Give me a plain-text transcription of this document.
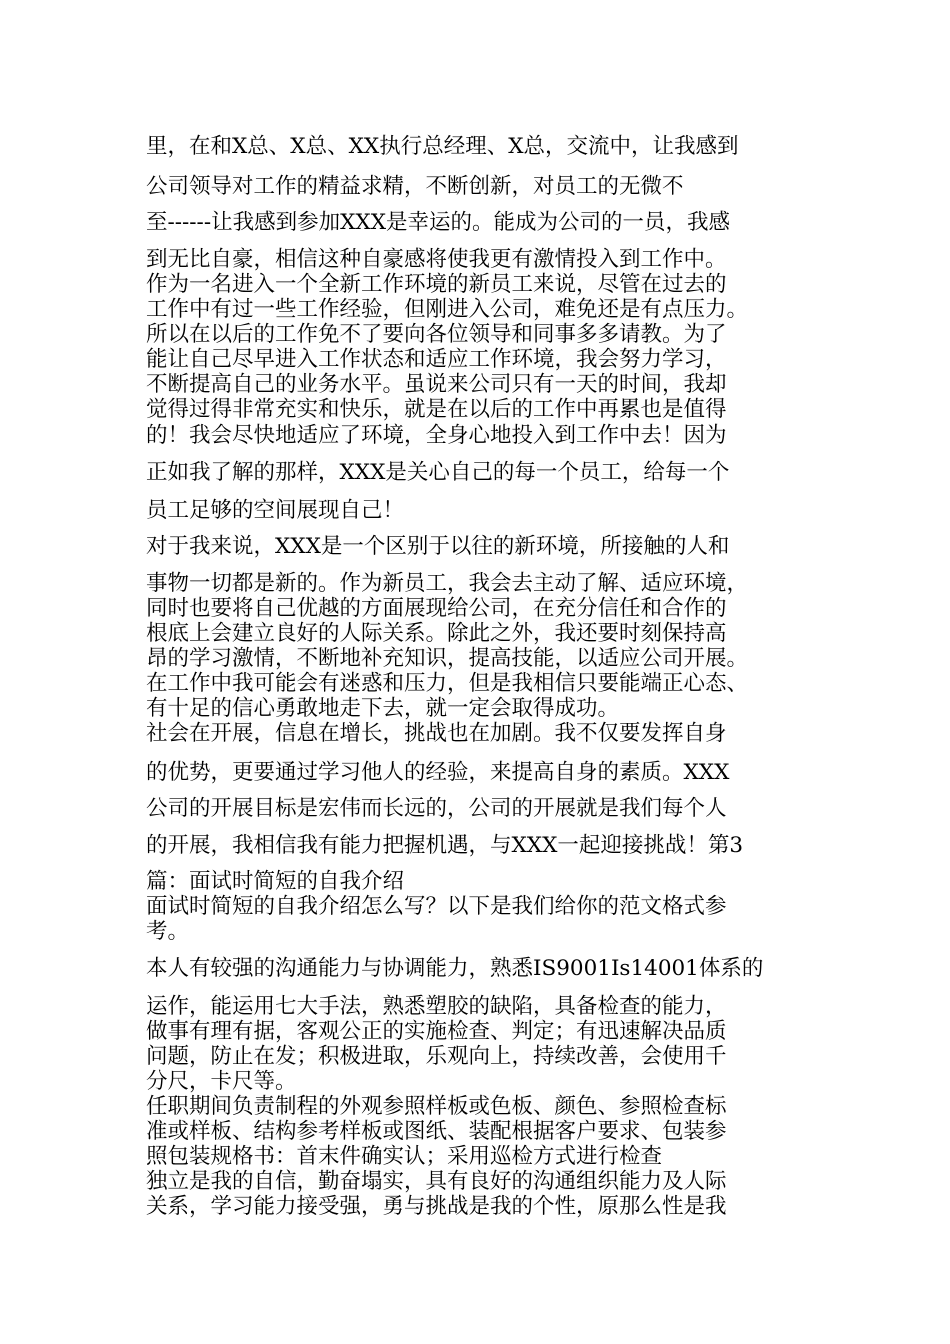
里，在和X总、X总、XX执行总经理、X总，交流中，让我感到

公司领导对工作的精益求精，不断创新，对员工的无微不

至------让我感到参加XXX是幸运的。能成为公司的一员，我感

到无比自豪，相信这种自豪感将使我更有激情投入到工作中。

作为一名进入一个全新工作环境的新员工来说，尽管在过去的

工作中有过一些工作经验，但刚进入公司，难免还是有点压力。

所以在以后的工作免不了要向各位领导和同事多多请教。为了

能让自己尽早进入工作状态和适应工作环境，我会努力学习，

不断提高自己的业务水平。虽说来公司只有一天的时间，我却

觉得过得非常充实和快乐，就是在以后的工作中再累也是值得

的！我会尽快地适应了环境，全身心地投入到工作中去！因为

正如我了解的那样，XXX是关心自己的每一个员工，给每一个

员工足够的空间展现自己！

对于我来说，XXX是一个区别于以往的新环境，所接触的人和

事物一切都是新的。作为新员工，我会去主动了解、适应环境，

同时也要将自己优越的方面展现给公司，在充分信任和合作的

根底上会建立良好的人际关系。除此之外，我还要时刻保持高

昂的学习激情，不断地补充知识，提高技能，以适应公司开展。

在工作中我可能会有迷惑和压力，但是我相信只要能端正心态、

有十足的信心勇敢地走下去，就一定会取得成功。

社会在开展，信息在增长，挑战也在加剧。我不仅要发挥自身

的优势，更要通过学习他人的经验，来提高自身的素质。XXX

公司的开展目标是宏伟而长远的，公司的开展就是我们每个人

的开展，我相信我有能力把握机遇，与XXX一起迎接挑战！第3

篇：面试时简短的自我介绍

面试时简短的自我介绍怎么写？以下是我们给你的范文格式参

考。

本人有较强的沟通能力与协调能力，熟悉IS9001Is14001体系的

运作，能运用七大手法，熟悉塑胶的缺陷，具备检查的能力，

做事有理有据，客观公正的实施检查、判定；有迅速解决品质

问题，防止在发；积极进取，乐观向上，持续改善，会使用千

分尺，卡尺等。

任职期间负责制程的外观参照样板或色板、颜色、参照检查标

准或样板、结构参考样板或图纸、装配根据客户要求、包装参

照包装规格书：首末件确实认；采用巡检方式进行检查

独立是我的自信，勤奋塌实，具有良好的沟通组织能力及人际

关系，学习能力接受强，勇与挑战是我的个性，原那么性是我
